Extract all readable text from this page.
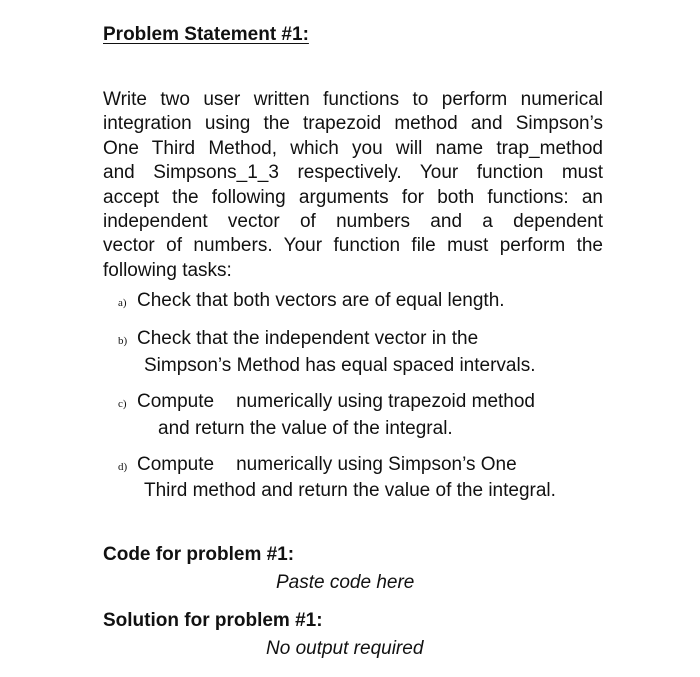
Problem Statement #1:
Write two user written functions to perform numerical
integration using the trapezoid method and Simpson’s
One Third Method, which you will name trap_method
and Simpsons_1_3 respectively. Your function must
accept the following arguments for both functions: an
independent vector of numbers and a dependent
vector of numbers. Your function file must perform the
following tasks:
a) Check that both vectors are of equal length.
b) Check that the independent vector in the
Simpson’s Method has equal spaced intervals.
c) Compute numerically using trapezoid method
and return the value of the integral.
d) Compute numerically using Simpson’s One
Third method and return the value of the integral.
Code for problem #1:
Paste code here
Solution for problem #1:
No output required
